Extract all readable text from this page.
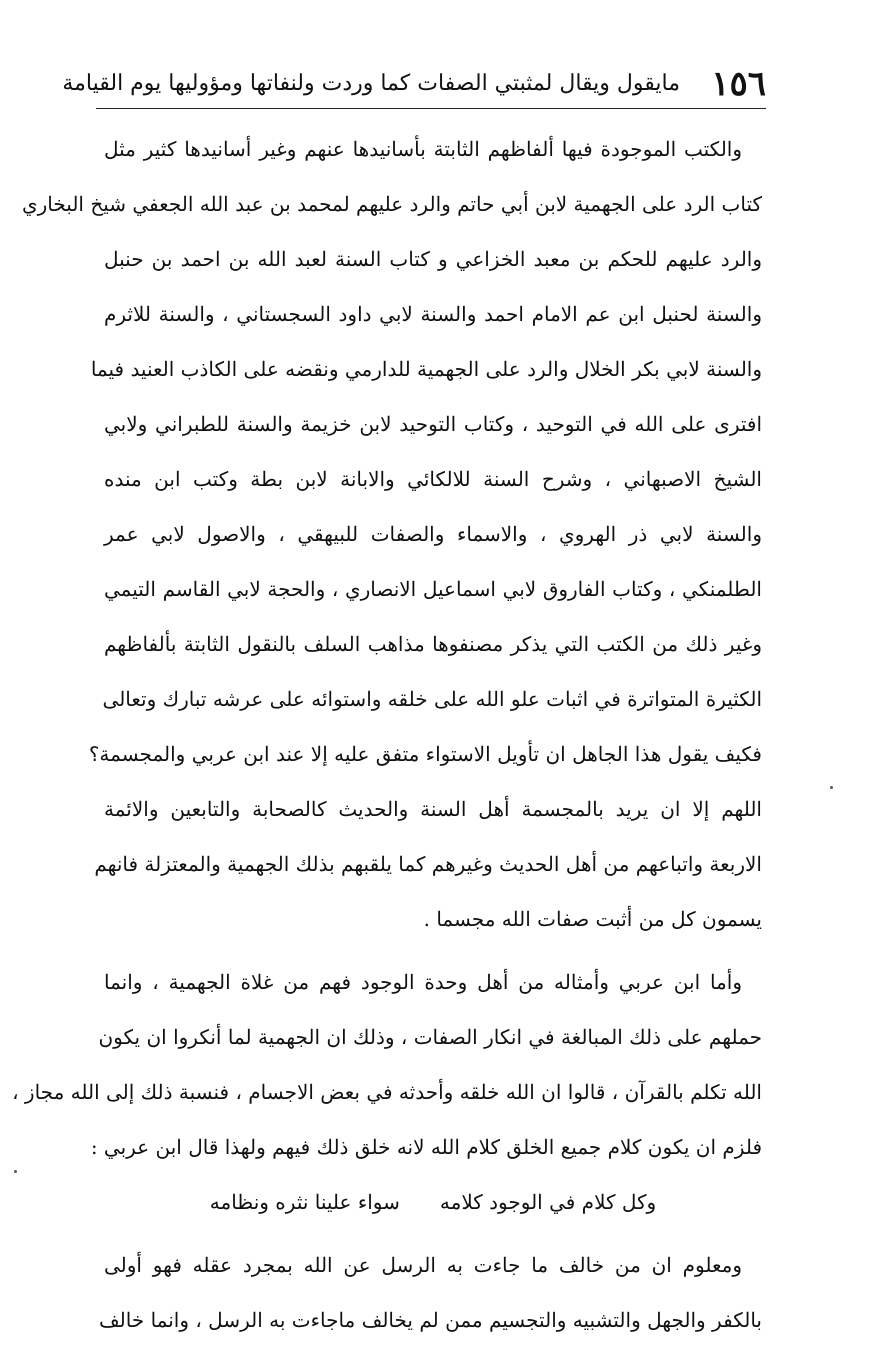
١٥٦
مايقول ويقال لمثبتي الصفات كما وردت ولنفاتها ومؤوليها يوم القيامة
والكتب الموجودة فيها ألفاظهم الثابتة بأسانيدها عنهم وغير أسانيدها كثير مثل
كتاب الرد على الجهمية لابن أبي حاتم والرد عليهم لمحمد بن عبد الله الجعفي شيخ البخاري
والرد عليهم للحكم بن معبد الخزاعي و كتاب السنة لعبد الله بن احمد بن حنبل
والسنة لحنبل ابن عم الامام احمد والسنة لابي داود السجستاني ، والسنة للاثرم
والسنة لابي بكر الخلال والرد على الجهمية للدارمي ونقضه على الكاذب العنيد فيما
افترى على الله في التوحيد ، وكتاب التوحيد لابن خزيمة والسنة للطبراني ولابي
الشيخ الاصبهاني ، وشرح السنة للالكائي والابانة لابن بطة وكتب ابن منده
والسنة لابي ذر الهروي ، والاسماء والصفات للبيهقي ، والاصول لابي عمر
الطلمنكي ، وكتاب الفاروق لابي اسماعيل الانصاري ، والحجة لابي القاسم التيمي
وغير ذلك من الكتب التي يذكر مصنفوها مذاهب السلف بالنقول الثابتة بألفاظهم
الكثيرة المتواترة في اثبات علو الله على خلقه واستوائه على عرشه تبارك وتعالى
فكيف يقول هذا الجاهل ان تأويل الاستواء متفق عليه إلا عند ابن عربي والمجسمة؟
اللهم إلا ان يريد بالمجسمة أهل السنة والحديث كالصحابة والتابعين والائمة
الاربعة واتباعهم من أهل الحديث وغيرهم كما يلقبهم بذلك الجهمية والمعتزلة فانهم
يسمون كل من أثبت صفات الله مجسما .
وأما ابن عربي وأمثاله من أهل وحدة الوجود فهم من غلاة الجهمية ، وانما
حملهم على ذلك المبالغة في انكار الصفات ، وذلك ان الجهمية لما أنكروا ان يكون
الله تكلم بالقرآن ، قالوا ان الله خلقه وأحدثه في بعض الاجسام ، فنسبة ذلك إلى الله مجاز ،
فلزم ان يكون كلام جميع الخلق كلام الله لانه خلق ذلك فيهم ولهذا قال ابن عربي :
وكل كلام في الوجود كلامه
سواء علينا نثره ونظامه
ومعلوم ان من خالف ما جاءت به الرسل عن الله بمجرد عقله فهو أولى
بالكفر والجهل والتشبيه والتجسيم ممن لم يخالف ماجاءت به الرسل ، وانما خالف
